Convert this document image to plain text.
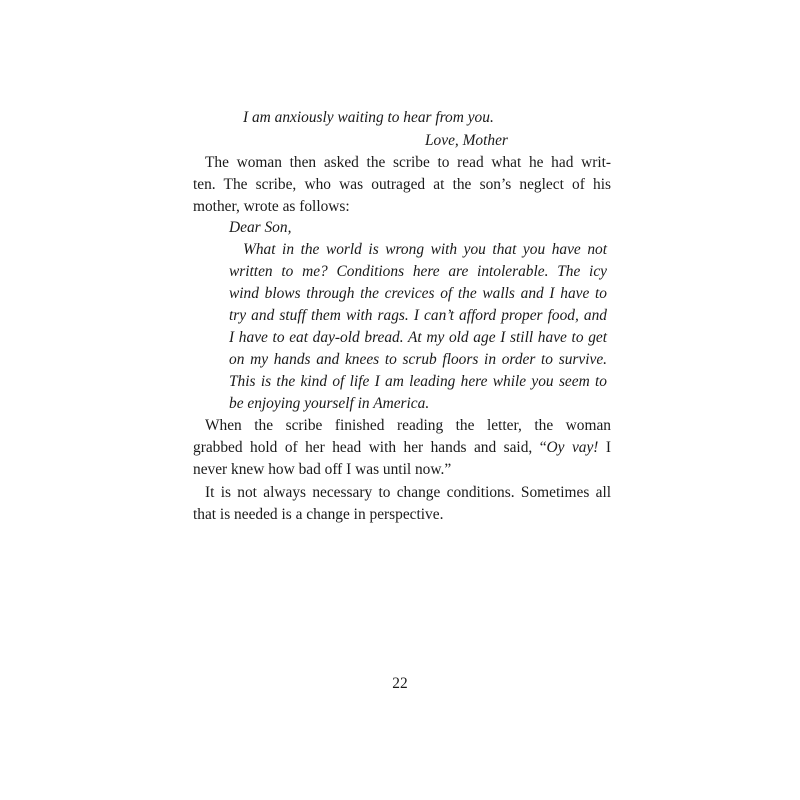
I am anxiously waiting to hear from you.
Love, Mother
The woman then asked the scribe to read what he had writ-
ten. The scribe, who was outraged at the son’s neglect of his
mother, wrote as follows:
Dear Son,
What in the world is wrong with you that you have not
written to me? Conditions here are intolerable. The icy
wind blows through the crevices of the walls and I have to
try and stuff them with rags. I can’t afford proper food, and
I have to eat day-old bread. At my old age I still have to get
on my hands and knees to scrub floors in order to survive.
This is the kind of life I am leading here while you seem to
be enjoying yourself in America.
When the scribe finished reading the letter, the woman
grabbed hold of her head with her hands and said, “Oy vay! I
never knew how bad off I was until now.”
It is not always necessary to change conditions. Sometimes all
that is needed is a change in perspective.
22
